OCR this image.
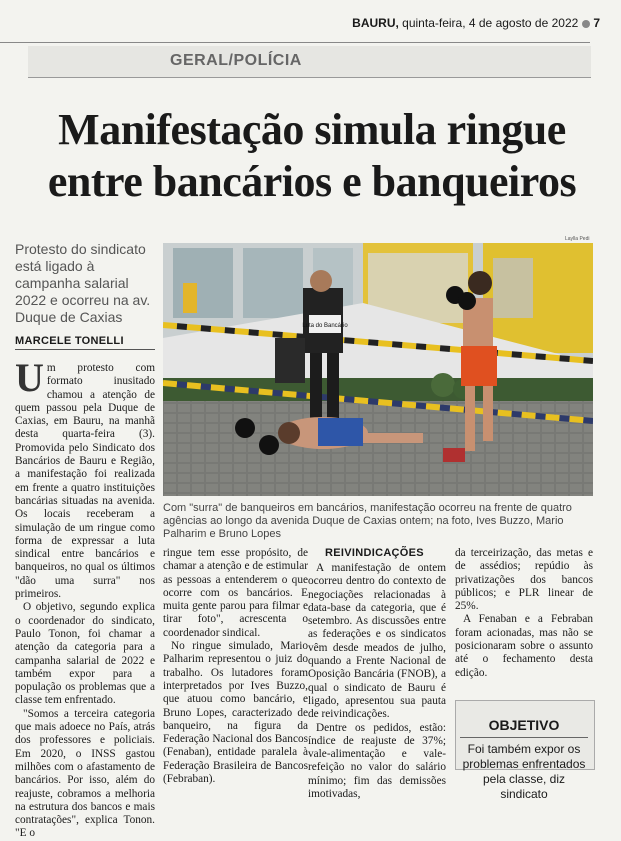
BAURU, quinta-feira, 4 de agosto de 2022 7
GERAL/POLÍCIA
Manifestação simula ringue
entre bancários e banqueiros
Protesto do sindicato está ligado à campanha salarial 2022 e ocorreu na av. Duque de Caxias
MARCELE TONELLI
Laylla Pedi
Luta do Bancário
Com "surra" de banqueiros em bancários, manifestação ocorreu na frente de quatro agências ao longo da avenida Duque de Caxias ontem; na foto, Ives Buzzo, Mario Palharim e Bruno Lopes

Um protesto com formato inusitado chamou a atenção de quem passou pela Duque de Caxias, em Bauru, na manhã desta quarta-feira (3). Promovida pelo Sindicato dos Bancários de Bauru e Região, a manifestação foi realizada em frente a quatro instituições bancárias situadas na avenida. Os locais receberam a simulação de um ringue como forma de expressar a luta sindical entre bancários e banqueiros, no qual os últimos "dão uma surra" nos primeiros.

O objetivo, segundo explica o coordenador do sindicato, Paulo Tonon, foi chamar a atenção da categoria para a campanha salarial de 2022 e também expor para a população os problemas que a classe tem enfrentado.

"Somos a terceira categoria que mais adoece no País, atrás dos professores e policiais. Em 2020, o INSS gastou milhões com o afastamento de bancários. Por isso, além do reajuste, cobramos a melhoria na estrutura dos bancos e mais contratações", explica Tonon. "E o

ringue tem esse propósito, de chamar a atenção e de estimular as pessoas a entenderem o que ocorre com os bancários. E muita gente parou para filmar e tirar foto", acrescenta o coordenador sindical.

No ringue simulado, Mario Palharim representou o juiz do trabalho. Os lutadores foram interpretados por Ives Buzzo, que atuou como bancário, e Bruno Lopes, caracterizado de banqueiro, na figura da Federação Nacional dos Bancos (Fenaban), entidade paralela à Federação Brasileira de Bancos (Febraban).

REIVINDICAÇÕES

A manifestação de ontem ocorreu dentro do contexto de negociações relacionadas à data-base da categoria, que é setembro. As discussões entre as federações e os sindicatos vêm desde meados de julho, quando a Frente Nacional de Oposição Bancária (FNOB), a qual o sindicato de Bauru é ligado, apresentou sua pauta de reivindicações.

Dentre os pedidos, estão: índice de reajuste de 37%; vale-alimentação e vale-refeição no valor do salário mínimo; fim das demissões imotivadas,

da terceirização, das metas e de assédios; repúdio às privatizações dos bancos públicos; e PLR linear de 25%.

A Fenaban e a Febraban foram acionadas, mas não se posicionaram sobre o assunto até o fechamento desta edição.

OBJETIVO
Foi também expor os problemas enfrentados pela classe, diz sindicato
